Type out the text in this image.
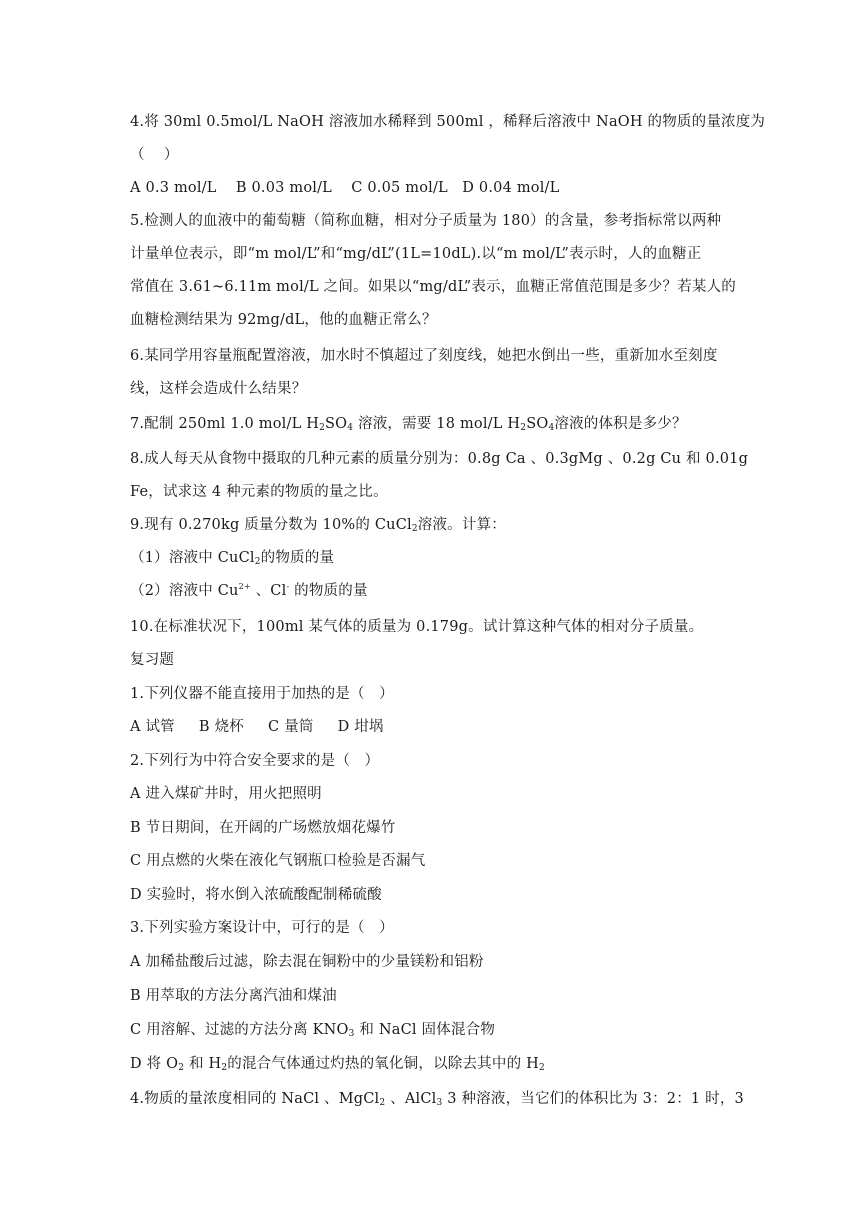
4.将 30ml 0.5mol/L NaOH 溶液加水稀释到 500ml ，稀释后溶液中 NaOH 的物质的量浓度为
（    ）
A 0.3 mol/L    B 0.03 mol/L    C 0.05 mol/L   D 0.04 mol/L
5.检测人的血液中的葡萄糖（简称血糖，相对分子质量为 180）的含量，参考指标常以两种
计量单位表示，即“m mol/L”和“mg/dL”(1L=10dL).以“m mol/L”表示时，人的血糖正
常值在 3.61~6.11m mol/L 之间。如果以“mg/dL”表示，血糖正常值范围是多少？若某人的
血糖检测结果为 92mg/dL，他的血糖正常么？
6.某同学用容量瓶配置溶液，加水时不慎超过了刻度线，她把水倒出一些，重新加水至刻度
线，这样会造成什么结果？
7.配制 250ml 1.0 mol/L $H_2SO_4$ 溶液，需要 18 mol/L $H_2SO_4$溶液的体积是多少？
8.成人每天从食物中摄取的几种元素的质量分别为：0.8g Ca 、0.3gMg 、0.2g Cu 和 0.01g
Fe，试求这 4 种元素的物质的量之比。
9.现有 0.270kg 质量分数为 10%的 CuCl$_2$溶液。计算：
（1）溶液中 CuCl$_2$的物质的量
（2）溶液中 $Cu^{2+}$ 、Cl- 的物质的量
10.在标准状况下，100ml 某气体的质量为 0.179g。试计算这种气体的相对分子质量。
复习题
1.下列仪器不能直接用于加热的是（   ）
A 试管     B 烧杯     C 量筒     D 坩埚
2.下列行为中符合安全要求的是（   ）
A 进入煤矿井时，用火把照明
B 节日期间，在开阔的广场燃放烟花爆竹
C 用点燃的火柴在液化气钢瓶口检验是否漏气
D 实验时，将水倒入浓硫酸配制稀硫酸
3.下列实验方案设计中，可行的是（   ）
A 加稀盐酸后过滤，除去混在铜粉中的少量镁粉和铝粉
B 用萃取的方法分离汽油和煤油
C 用溶解、过滤的方法分离 $KNO_3$ 和 NaCl 固体混合物
D 将 $O_2$ 和 $H_2$的混合气体通过灼热的氧化铜，以除去其中的 $H_2$
4.物质的量浓度相同的 NaCl 、MgCl$_2$ 、AlCl$_3$ 3 种溶液，当它们的体积比为 3：2：1 时，3
